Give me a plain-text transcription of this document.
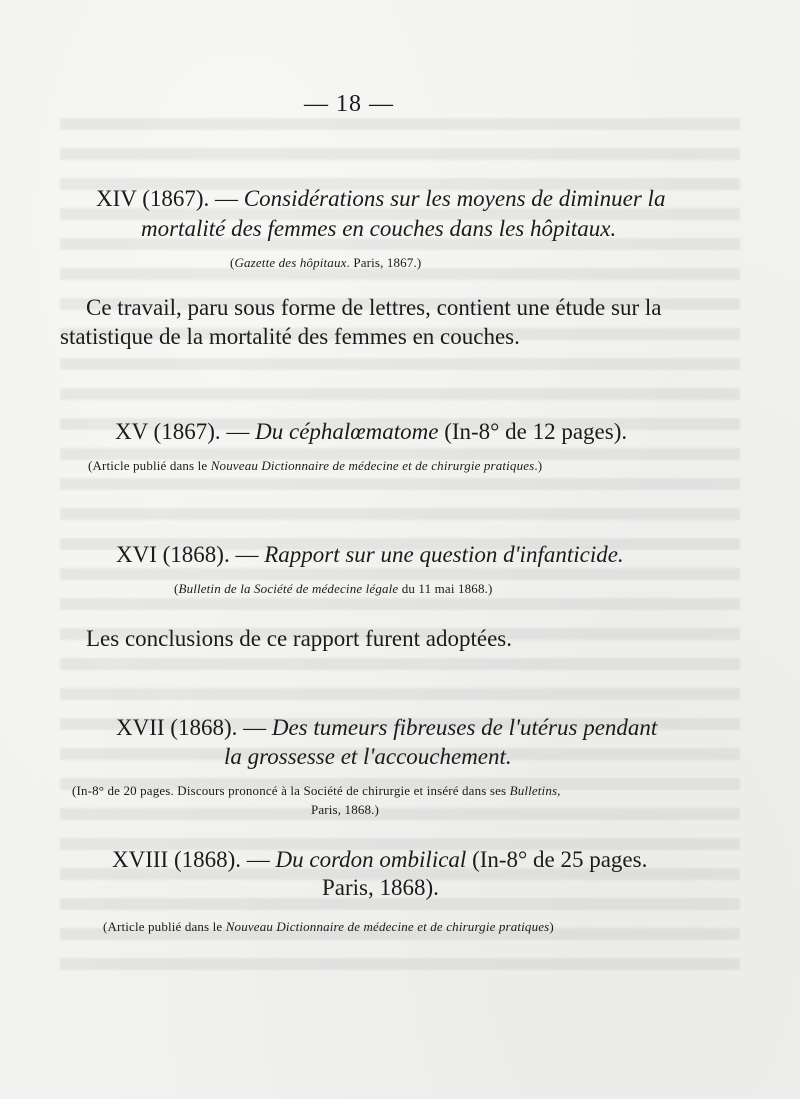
— 18 —
XIV (1867). — Considérations sur les moyens de diminuer la
mortalité des femmes en couches dans les hôpitaux.
(Gazette des hôpitaux. Paris, 1867.)
Ce travail, paru sous forme de lettres, contient une étude sur la
statistique de la mortalité des femmes en couches.
XV (1867). — Du céphalœmatome (In-8° de 12 pages).
(Article publié dans le Nouveau Dictionnaire de médecine et de chirurgie pratiques.)
XVI (1868). — Rapport sur une question d'infanticide.
(Bulletin de la Société de médecine légale du 11 mai 1868.)
Les conclusions de ce rapport furent adoptées.
XVII (1868). — Des tumeurs fibreuses de l'utérus pendant
la grossesse et l'accouchement.
(In-8° de 20 pages. Discours prononcé à la Société de chirurgie et inséré dans ses Bulletins,
Paris, 1868.)
XVIII (1868). — Du cordon ombilical (In-8° de 25 pages.
Paris, 1868).
(Article publié dans le Nouveau Dictionnaire de médecine et de chirurgie pratiques)
